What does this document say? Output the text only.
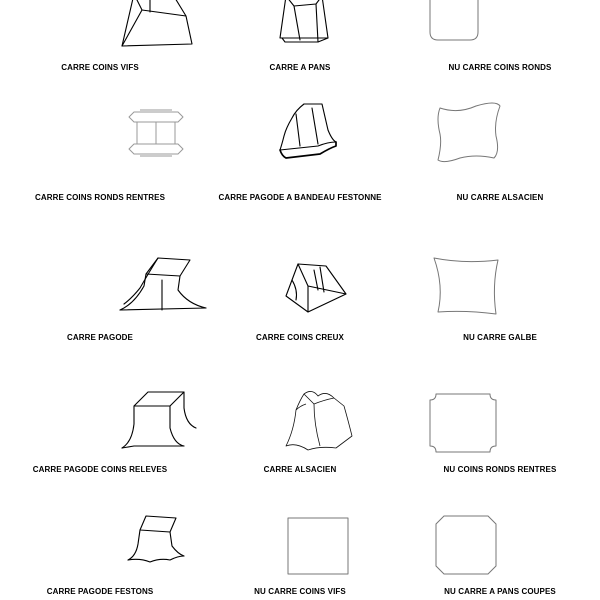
CARRE COINS VIFS	CARRE A PANS	NU CARRE COINS RONDS
CARRE COINS RONDS RENTRES	CARRE PAGODE A BANDEAU FESTONNE	NU CARRE ALSACIEN
CARRE PAGODE	CARRE COINS CREUX	NU CARRE GALBE
CARRE PAGODE COINS RELEVES	CARRE ALSACIEN	NU COINS RONDS RENTRES
CARRE PAGODE FESTONS	NU CARRE COINS VIFS	NU CARRE A PANS COUPES
